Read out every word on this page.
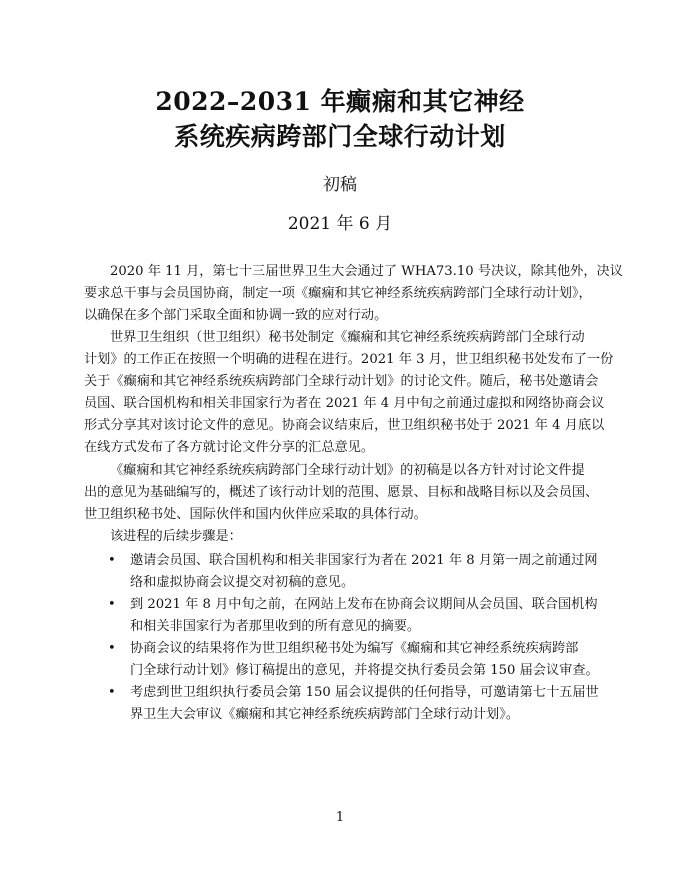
2022–2031 年癫痫和其它神经
系统疾病跨部门全球行动计划
初稿
2021 年 6 月
2020 年 11 月，第七十三届世界卫生大会通过了 WHA73.10 号决议，除其他外，决议
要求总干事与会员国协商，制定一项《癫痫和其它神经系统疾病跨部门全球行动计划》，
以确保在多个部门采取全面和协调一致的应对行动。
世界卫生组织（世卫组织）秘书处制定《癫痫和其它神经系统疾病跨部门全球行动
计划》的工作正在按照一个明确的进程在进行。2021 年 3 月，世卫组织秘书处发布了一份
关于《癫痫和其它神经系统疾病跨部门全球行动计划》的讨论文件。随后，秘书处邀请会
员国、联合国机构和相关非国家行为者在 2021 年 4 月中旬之前通过虚拟和网络协商会议
形式分享其对该讨论文件的意见。协商会议结束后，世卫组织秘书处于 2021 年 4 月底以
在线方式发布了各方就讨论文件分享的汇总意见。
《癫痫和其它神经系统疾病跨部门全球行动计划》的初稿是以各方针对讨论文件提
出的意见为基础编写的，概述了该行动计划的范围、愿景、目标和战略目标以及会员国、
世卫组织秘书处、国际伙伴和国内伙伴应采取的具体行动。
该进程的后续步骤是：
• 邀请会员国、联合国机构和相关非国家行为者在 2021 年 8 月第一周之前通过网
络和虚拟协商会议提交对初稿的意见。
• 到 2021 年 8 月中旬之前，在网站上发布在协商会议期间从会员国、联合国机构
和相关非国家行为者那里收到的所有意见的摘要。
• 协商会议的结果将作为世卫组织秘书处为编写《癫痫和其它神经系统疾病跨部
门全球行动计划》修订稿提出的意见，并将提交执行委员会第 150 届会议审查。
• 考虑到世卫组织执行委员会第 150 届会议提供的任何指导，可邀请第七十五届世
界卫生大会审议《癫痫和其它神经系统疾病跨部门全球行动计划》。
1
